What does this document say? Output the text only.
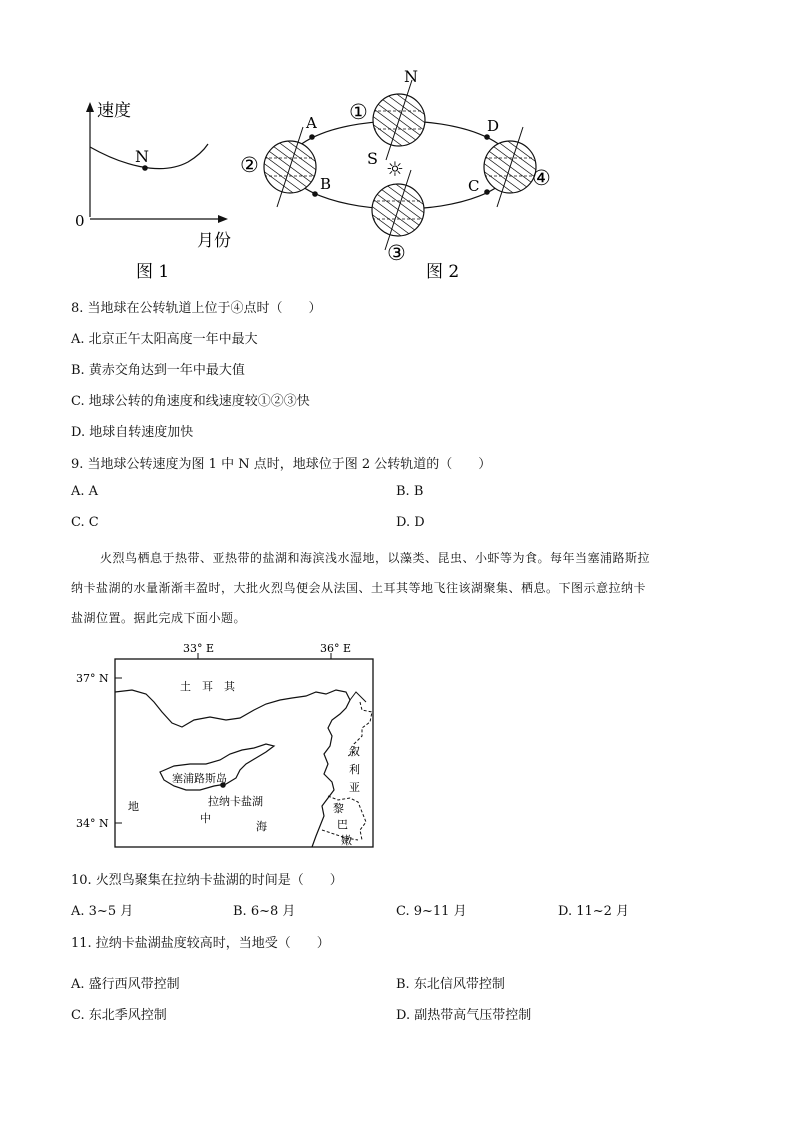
N
速度
0
月份
图 1
A
B	C
D
N
S ☼
①
②
③
④
图 2
8. 当地球在公转轨道上位于④点时（　　）
A. 北京正午太阳高度一年中最大
B. 黄赤交角达到一年中最大值
C. 地球公转的角速度和线速度较①②③快
D. 地球自转速度加快
9. 当地球公转速度为图 1 中 N 点时，地球位于图 2 公转轨道的（　　）
A. A	B. B
C. C	D. D
火烈鸟栖息于热带、亚热带的盐湖和海滨浅水湿地，以藻类、昆虫、小虾等为食。每年当塞浦路斯拉
纳卡盐湖的水量渐渐丰盈时，大批火烈鸟便会从法国、土耳其等地飞往该湖聚集、栖息。下图示意拉纳卡
盐湖位置。据此完成下面小题。
33° E	36° E
37° N
34° N
土　耳　其
塞浦路斯岛
拉纳卡盐湖
地
中
海
叙
利
亚
黎
巴
嫩
10. 火烈鸟聚集在拉纳卡盐湖的时间是（　　）
A. 3~5 月	B. 6~8 月	C. 9~11 月	D. 11~2 月
11. 拉纳卡盐湖盐度较高时，当地受（　　）
A. 盛行西风带控制	B. 东北信风带控制
C. 东北季风控制	D. 副热带高气压带控制
